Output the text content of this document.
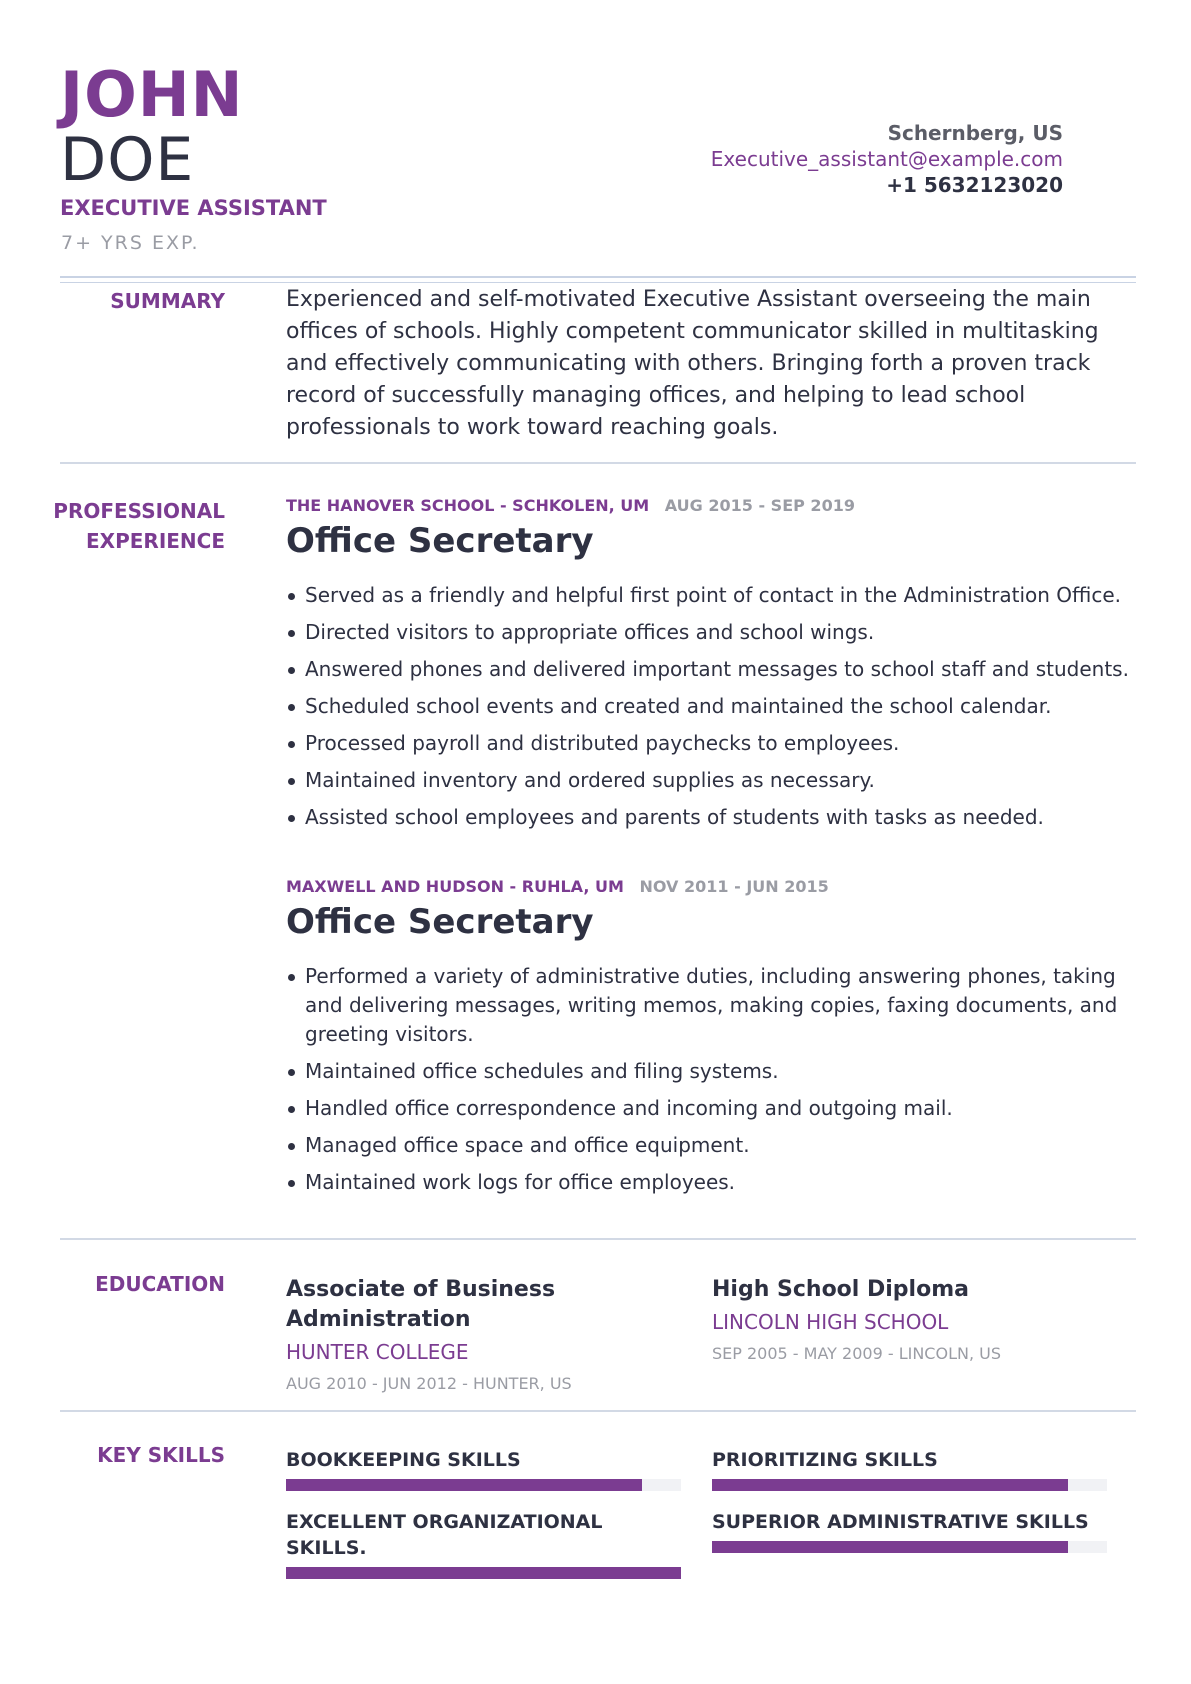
JOHN
DOE
EXECUTIVE ASSISTANT
7+ YRS EXP.
Schernberg, US
Executive_assistant@example.com
+1 5632123020
SUMMARY	Experienced and self-motivated Executive Assistant overseeing the main offices of schools. Highly competent communicator skilled in multitasking and effectively communicating with others. Bringing forth a proven track record of successfully managing offices, and helping to lead school professionals to work toward reaching goals.
PROFESSIONAL
EXPERIENCE
THE HANOVER SCHOOL - SCHKOLEN, UM AUG 2015 - SEP 2019
Office Secretary
Served as a friendly and helpful first point of contact in the Administration Office.
Directed visitors to appropriate offices and school wings.
Answered phones and delivered important messages to school staff and students.
Scheduled school events and created and maintained the school calendar.
Processed payroll and distributed paychecks to employees.
Maintained inventory and ordered supplies as necessary.
Assisted school employees and parents of students with tasks as needed.
MAXWELL AND HUDSON - RUHLA, UM NOV 2011 - JUN 2015
Office Secretary
Performed a variety of administrative duties, including answering phones, taking and delivering messages, writing memos, making copies, faxing documents, and greeting visitors.
Maintained office schedules and filing systems.
Handled office correspondence and incoming and outgoing mail.
Managed office space and office equipment.
Maintained work logs for office employees.
EDUCATION	Associate of Business Administration
HUNTER COLLEGE
AUG 2010 - JUN 2012 - HUNTER, US
High School Diploma
LINCOLN HIGH SCHOOL
SEP 2005 - MAY 2009 - LINCOLN, US
KEY SKILLS	BOOKKEEPING SKILLS	PRIORITIZING SKILLS
EXCELLENT ORGANIZATIONAL SKILLS.
SUPERIOR ADMINISTRATIVE SKILLS
